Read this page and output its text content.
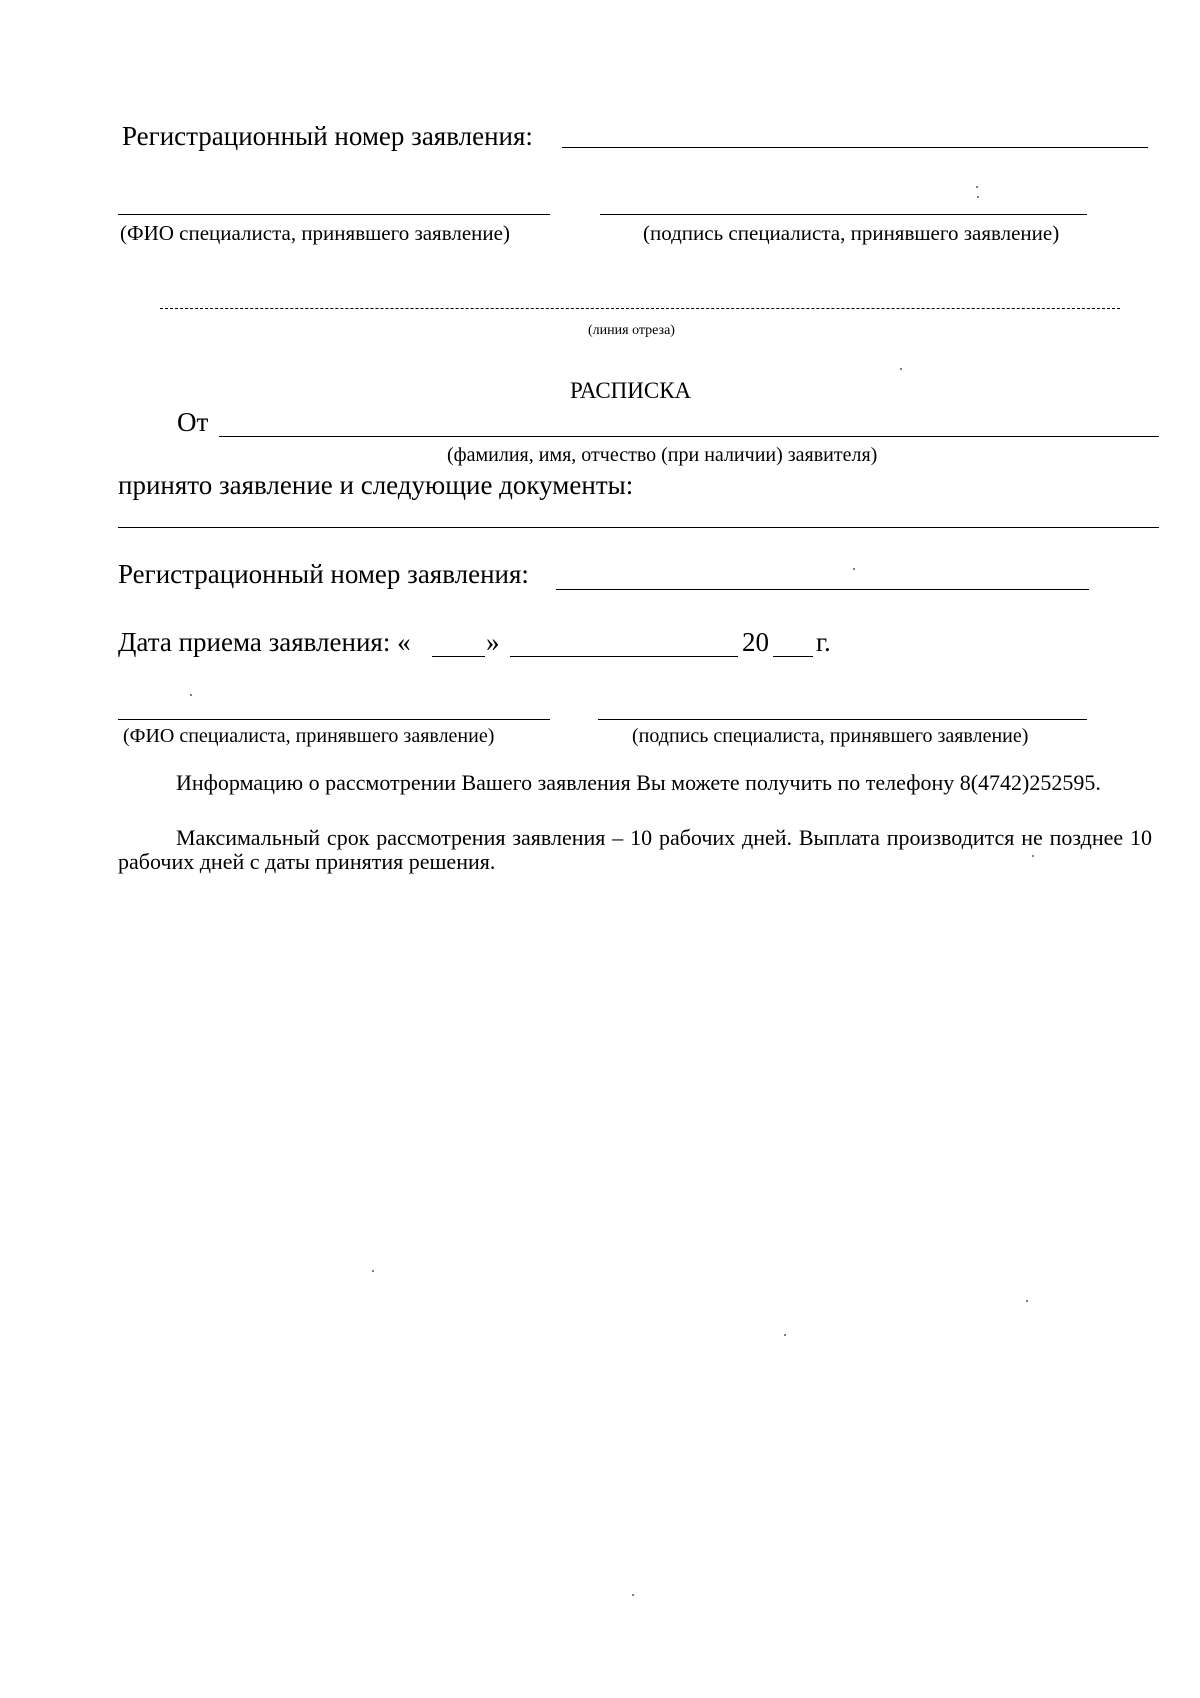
Регистрационный номер заявления:
(ФИО специалиста, принявшего заявление)	(подпись специалиста, принявшего заявление)
(линия отреза)
РАСПИСКА
От
(фамилия, имя, отчество (при наличии) заявителя)
принято заявление и следующие документы:
Регистрационный номер заявления:
Дата приема заявления: «	»	20 г.
(ФИО специалиста, принявшего заявление)	(подпись специалиста, принявшего заявление)
Информацию о рассмотрении Вашего заявления Вы можете получить по телефону 8(4742)252595.
Максимальный срок рассмотрения заявления – 10 рабочих дней. Выплата производится не позднее 10 рабочих дней с даты принятия решения.
